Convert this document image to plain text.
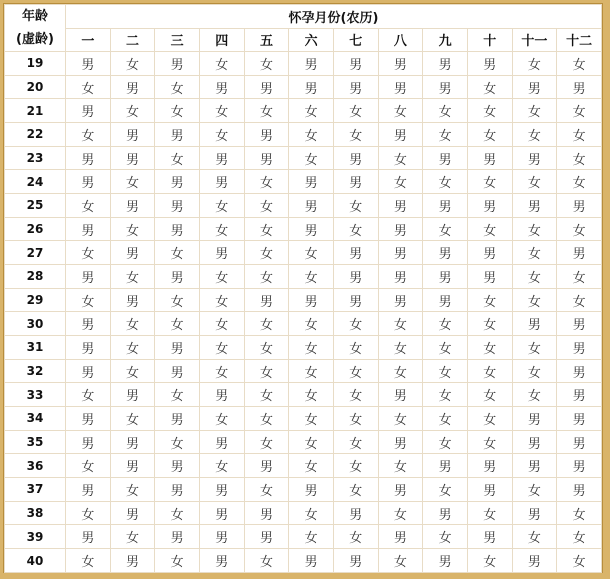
年龄
(虚龄)	怀孕月份(农历)											
	一	二	三	四	五	六	七	八	九	十	十一	十二
19	男	女	男	女	女	男	男	男	男	男	女	女
20	女	男	女	男	男	男	男	男	男	女	男	男
21	男	女	女	女	女	女	女	女	女	女	女	女
22	女	男	男	女	男	女	女	男	女	女	女	女
23	男	男	女	男	男	女	男	女	男	男	男	女
24	男	女	男	男	女	男	男	女	女	女	女	女
25	女	男	男	女	女	男	女	男	男	男	男	男
26	男	女	男	女	女	男	女	男	女	女	女	女
27	女	男	女	男	女	女	男	男	男	男	女	男
28	男	女	男	女	女	女	男	男	男	男	女	女
29	女	男	女	女	男	男	男	男	男	女	女	女
30	男	女	女	女	女	女	女	女	女	女	男	男
31	男	女	男	女	女	女	女	女	女	女	女	男
32	男	女	男	女	女	女	女	女	女	女	女	男
33	女	男	女	男	女	女	女	男	女	女	女	男
34	男	女	男	女	女	女	女	女	女	女	男	男
35	男	男	女	男	女	女	女	男	女	女	男	男
36	女	男	男	女	男	女	女	女	男	男	男	男
37	男	女	男	男	女	男	女	男	女	男	女	男
38	女	男	女	男	男	女	男	女	男	女	男	女
39	男	女	男	男	男	女	女	男	女	男	女	女
40	女	男	女	男	女	男	男	女	男	女	男	女
